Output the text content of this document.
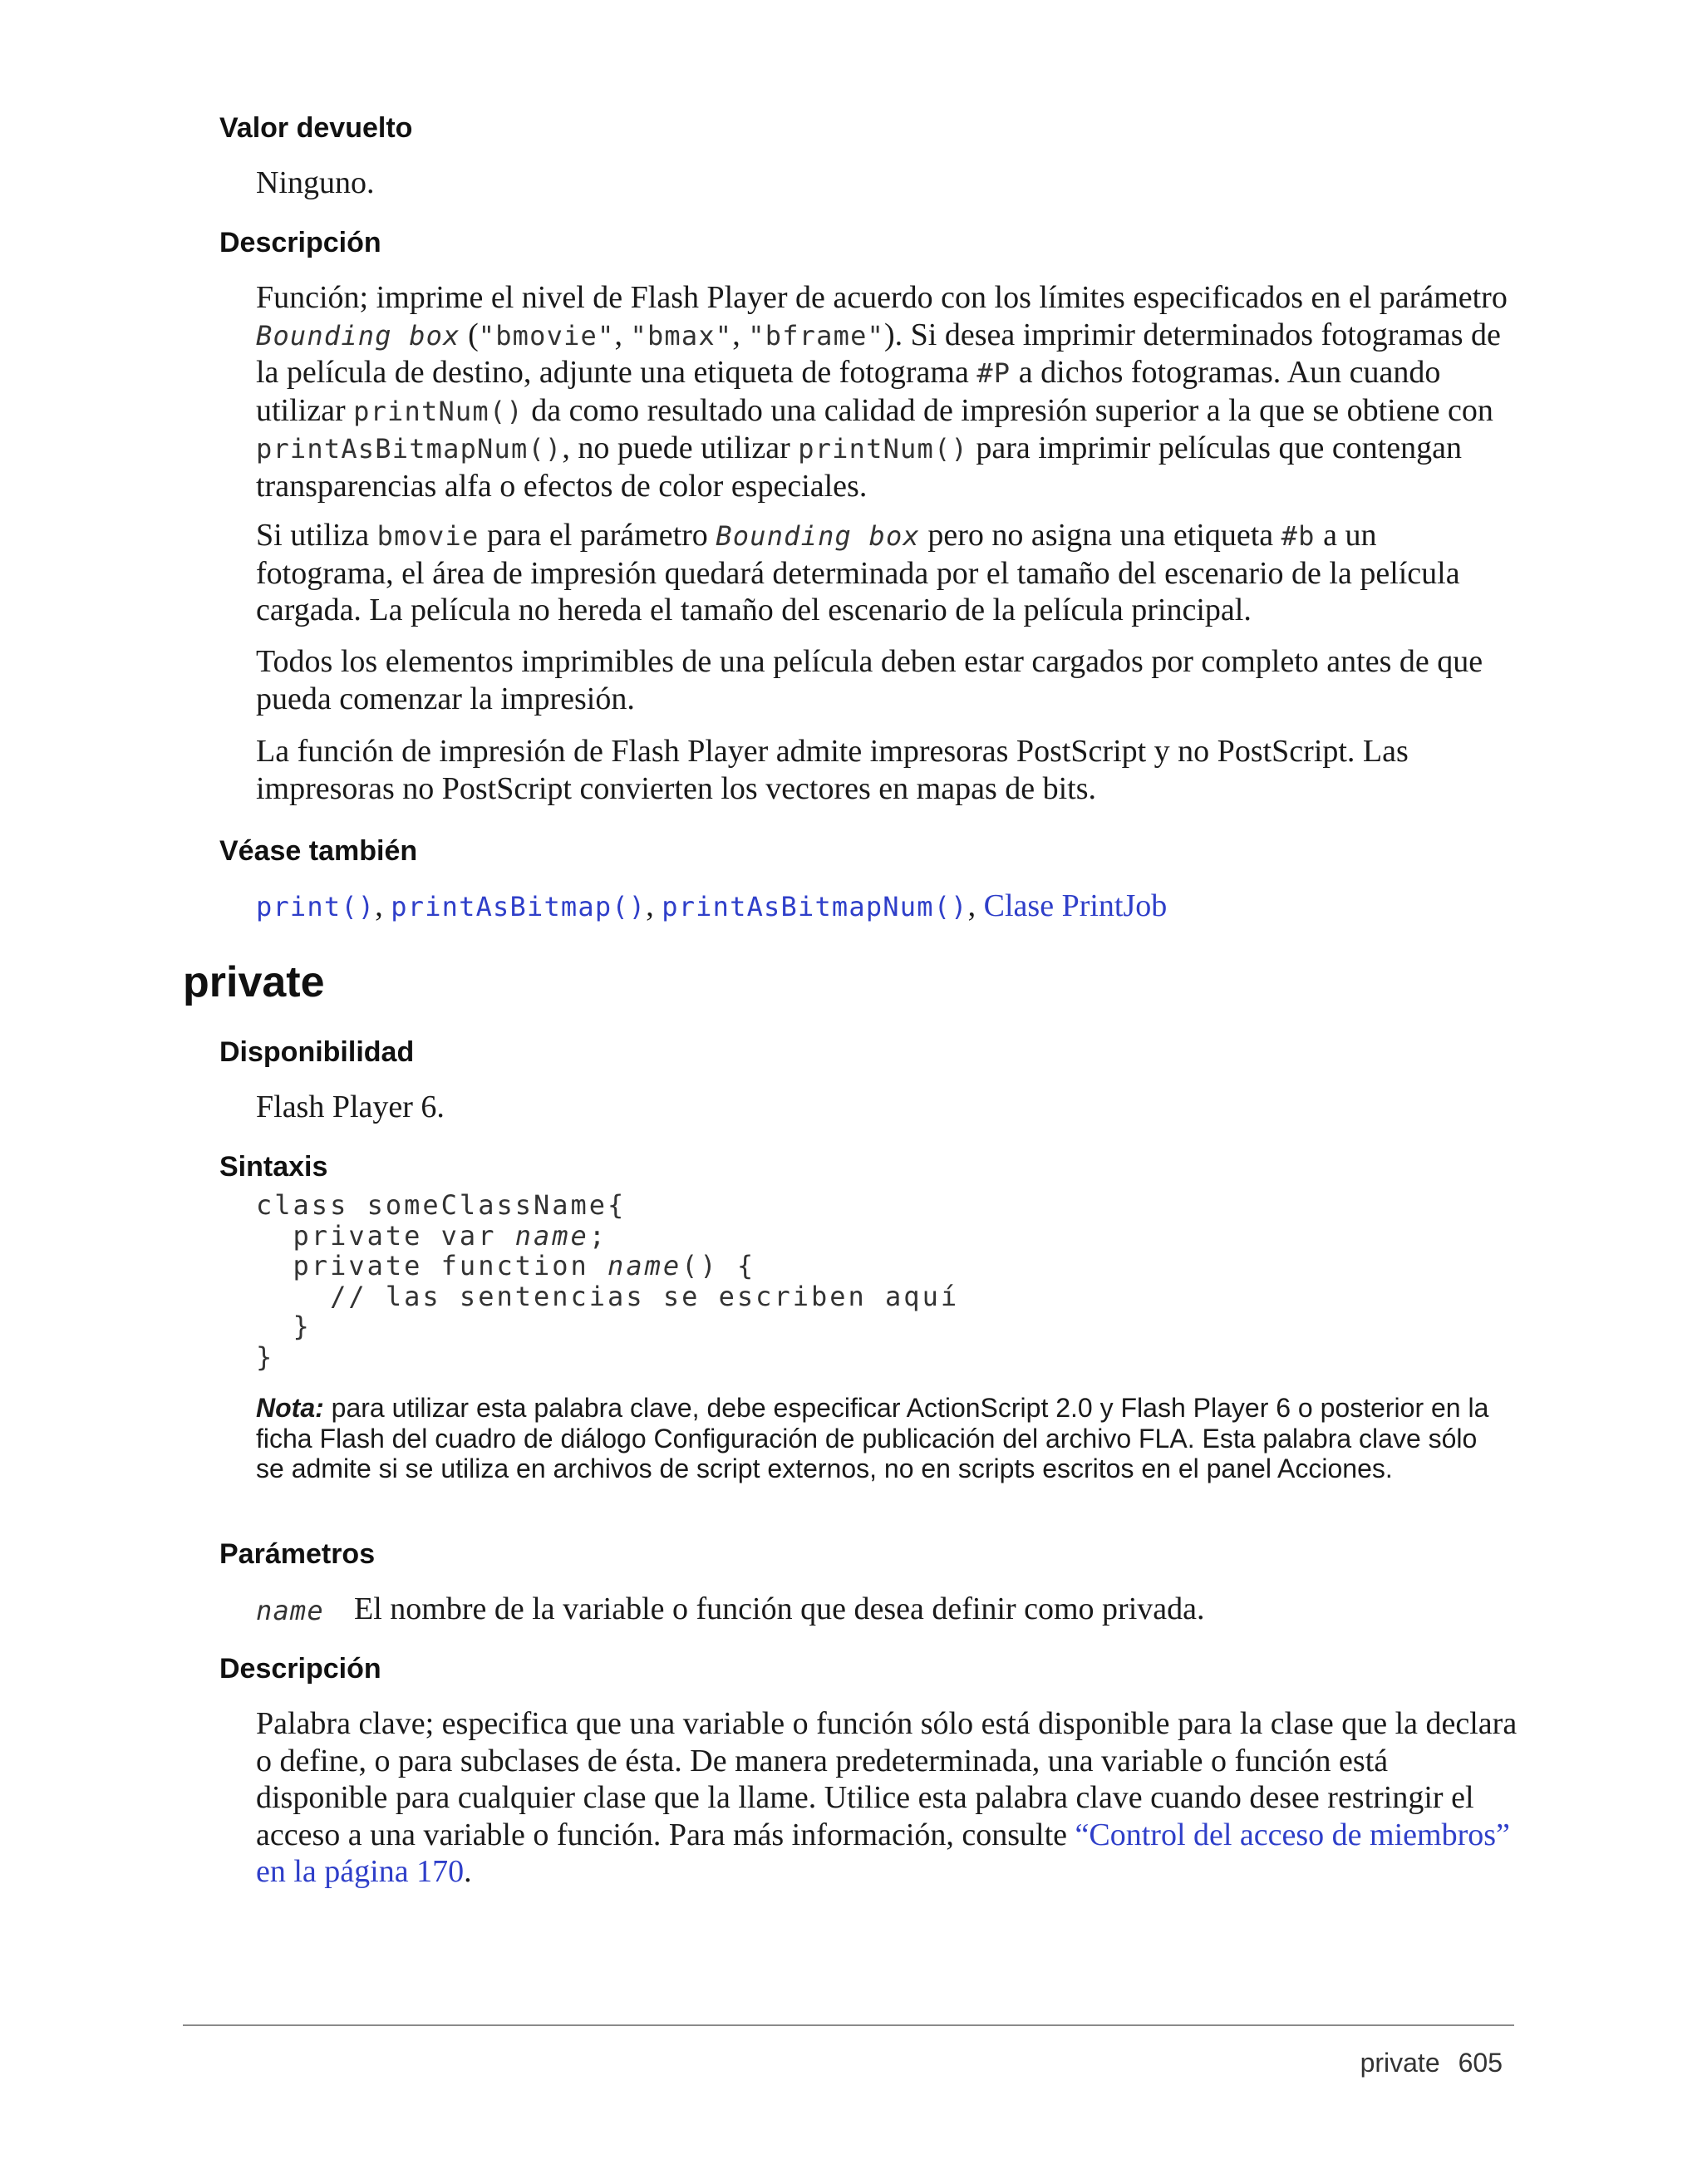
Valor devuelto

Ninguno.

Descripción

Función; imprime el nivel de Flash Player de acuerdo con los límites especificados en el parámetro Bounding box ("bmovie", "bmax", "bframe"). Si desea imprimir determinados fotogramas de la película de destino, adjunte una etiqueta de fotograma #P a dichos fotogramas. Aun cuando utilizar printNum() da como resultado una calidad de impresión superior a la que se obtiene con printAsBitmapNum(), no puede utilizar printNum() para imprimir películas que contengan transparencias alfa o efectos de color especiales.

Si utiliza bmovie para el parámetro Bounding box pero no asigna una etiqueta #b a un fotograma, el área de impresión quedará determinada por el tamaño del escenario de la película cargada. La película no hereda el tamaño del escenario de la película principal.

Todos los elementos imprimibles de una película deben estar cargados por completo antes de que pueda comenzar la impresión.

La función de impresión de Flash Player admite impresoras PostScript y no PostScript. Las impresoras no PostScript convierten los vectores en mapas de bits.

Véase también

print(), printAsBitmap(), printAsBitmapNum(), Clase PrintJob

private
Disponibilidad

Flash Player 6.

Sintaxis
class someClassName{
private var name;
private function name() {
// las sentencias se escriben aquí
}
}

Nota: para utilizar esta palabra clave, debe especificar ActionScript 2.0 y Flash Player 6 o posterior en la ficha Flash del cuadro de diálogo Configuración de publicación del archivo FLA. Esta palabra clave sólo se admite si se utiliza en archivos de script externos, no en scripts escritos en el panel Acciones.

Parámetros
name El nombre de la variable o función que desea definir como privada.
Descripción

Palabra clave; especifica que una variable o función sólo está disponible para la clase que la declara o define, o para subclases de ésta. De manera predeterminada, una variable o función está disponible para cualquier clase que la llame. Utilice esta palabra clave cuando desee restringir el acceso a una variable o función. Para más información, consulte “Control del acceso de miembros” en la página 170.

private 605
